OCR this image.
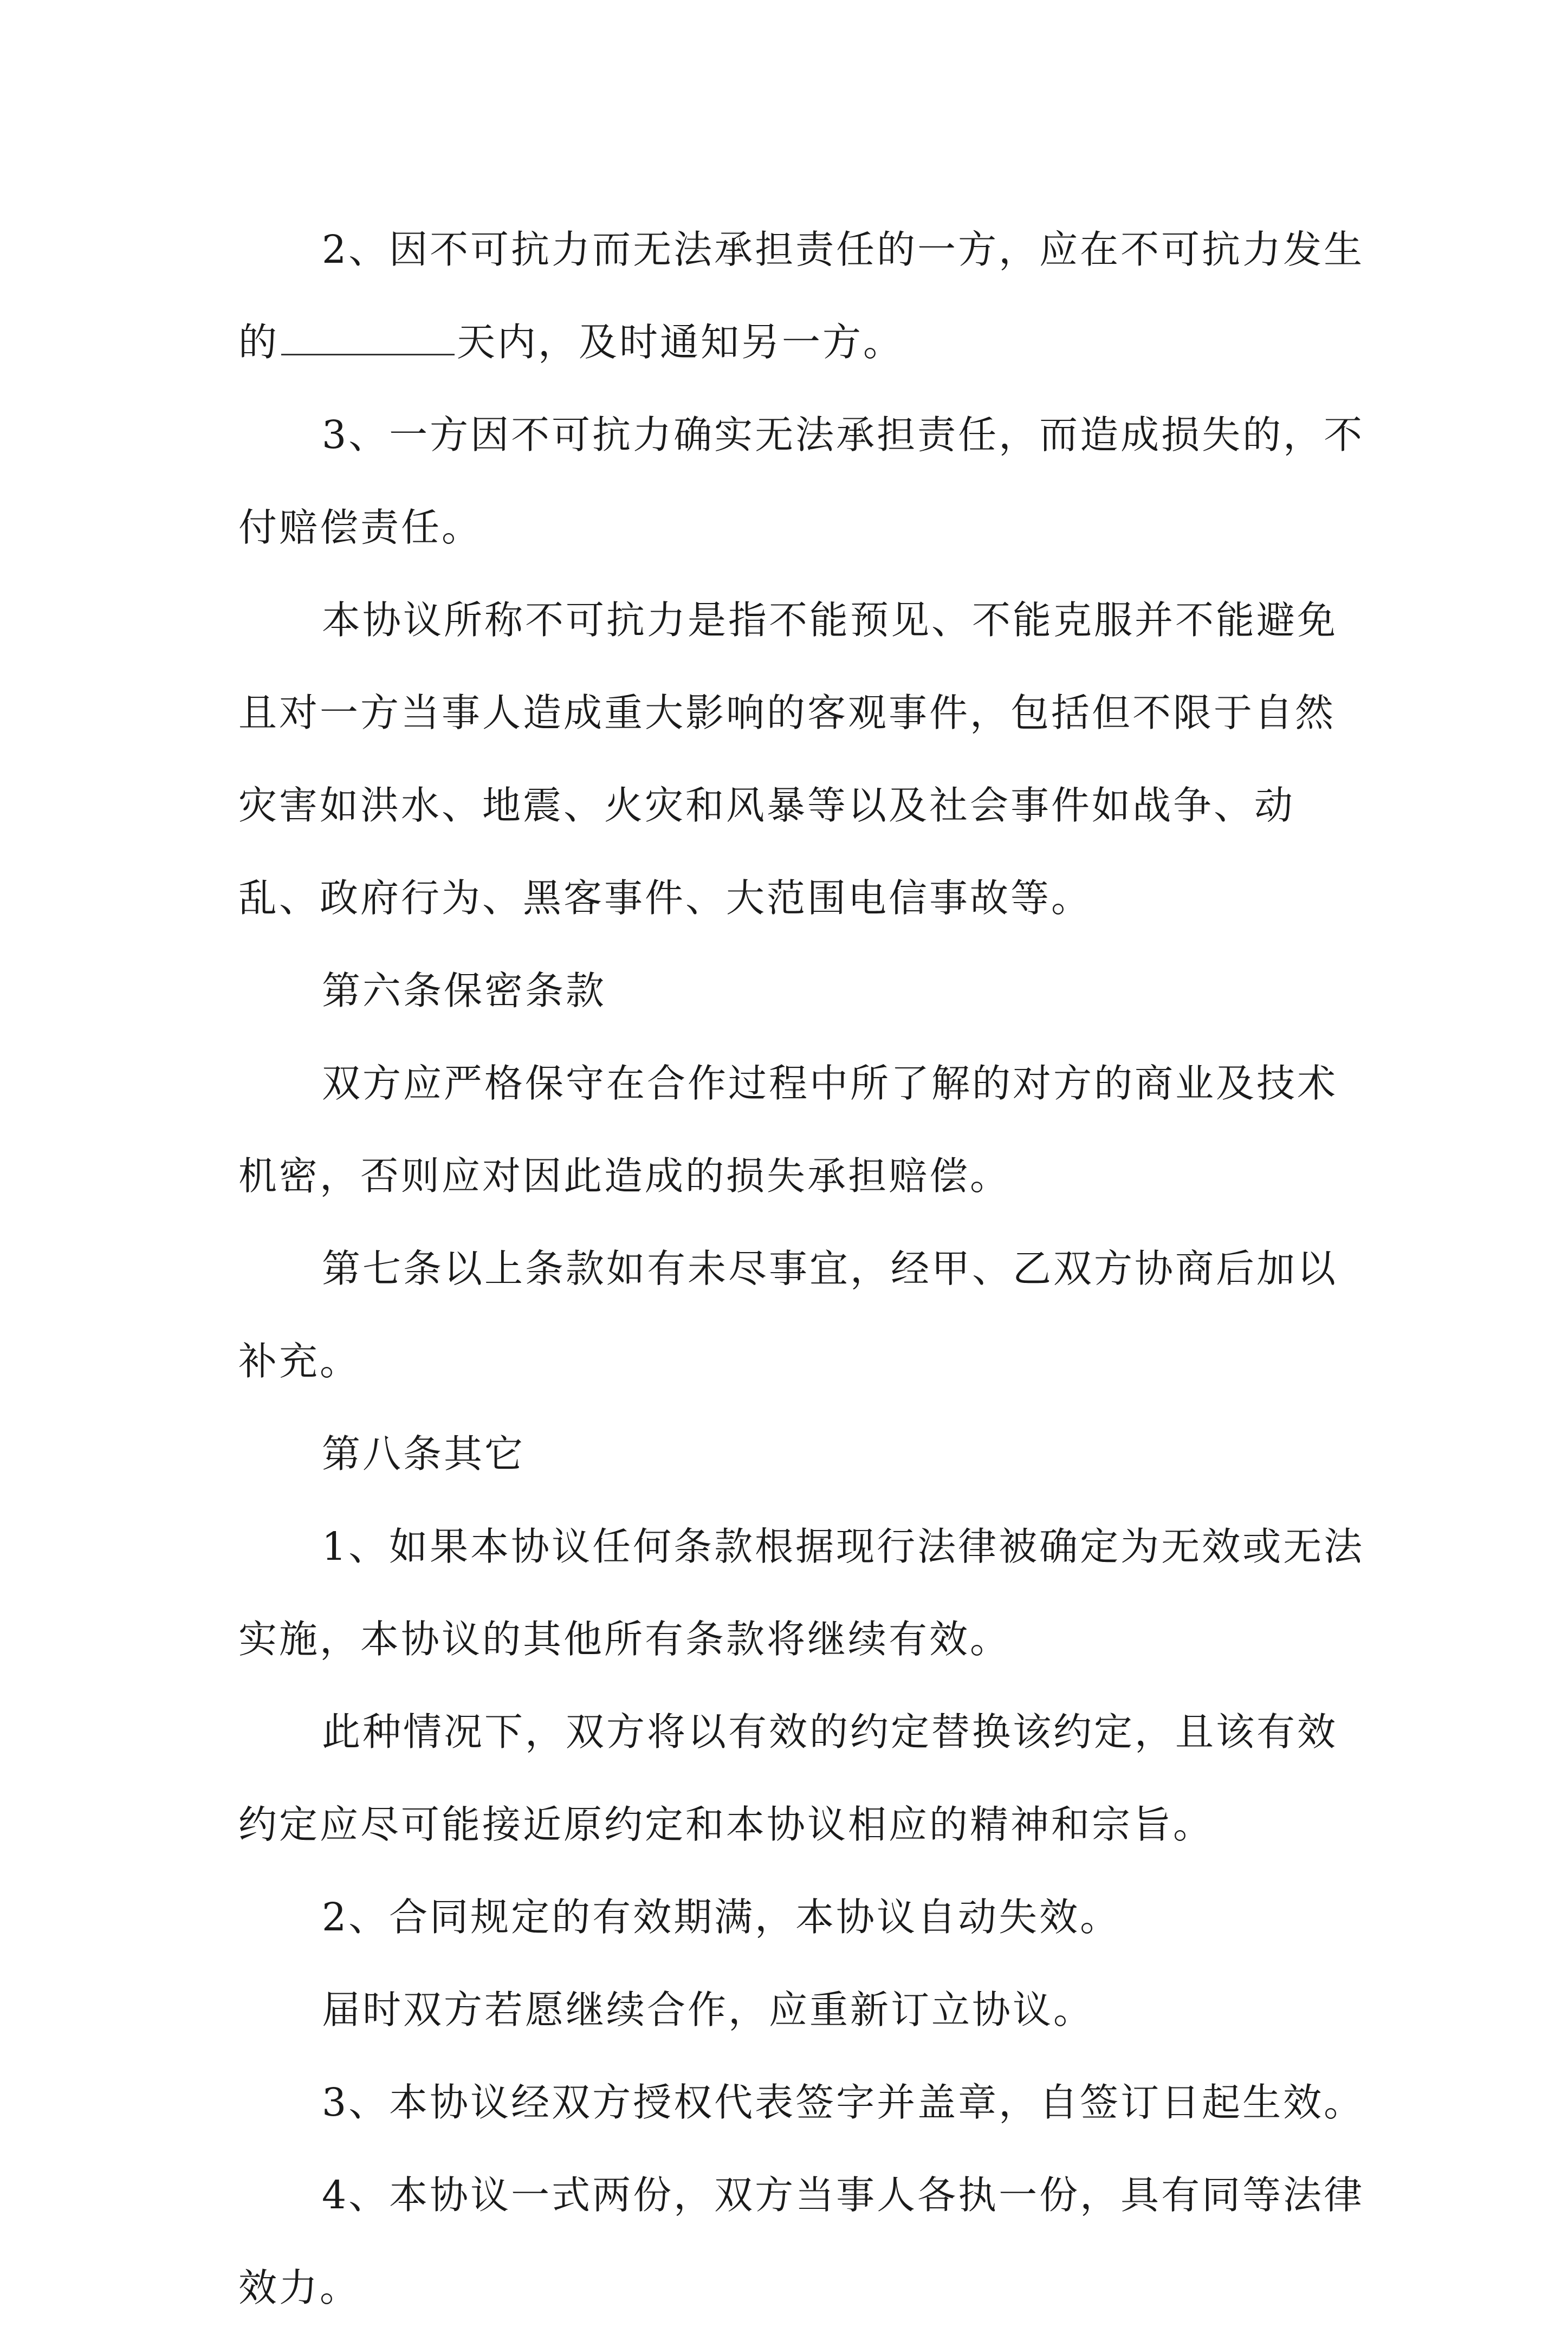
2、因不可抗力而无法承担责任的一方，应在不可抗力发生的	天内，及时通知另一方。

3、一方因不可抗力确实无法承担责任，而造成损失的，不付赔偿责任。

本协议所称不可抗力是指不能预见、不能克服并不能避免且对一方当事人造成重大影响的客观事件，包括但不限于自然灾害如洪水、地震、火灾和风暴等以及社会事件如战争、动乱、政府行为、黑客事件、大范围电信事故等。

第六条保密条款

双方应严格保守在合作过程中所了解的对方的商业及技术机密，否则应对因此造成的损失承担赔偿。

第七条以上条款如有未尽事宜，经甲、乙双方协商后加以补充。

第八条其它

1、如果本协议任何条款根据现行法律被确定为无效或无法实施，本协议的其他所有条款将继续有效。

此种情况下，双方将以有效的约定替换该约定，且该有效约定应尽可能接近原约定和本协议相应的精神和宗旨。

2、合同规定的有效期满，本协议自动失效。

届时双方若愿继续合作，应重新订立协议。

3、本协议经双方授权代表签字并盖章，自签订日起生效。

4、本协议一式两份，双方当事人各执一份，具有同等法律效力。
